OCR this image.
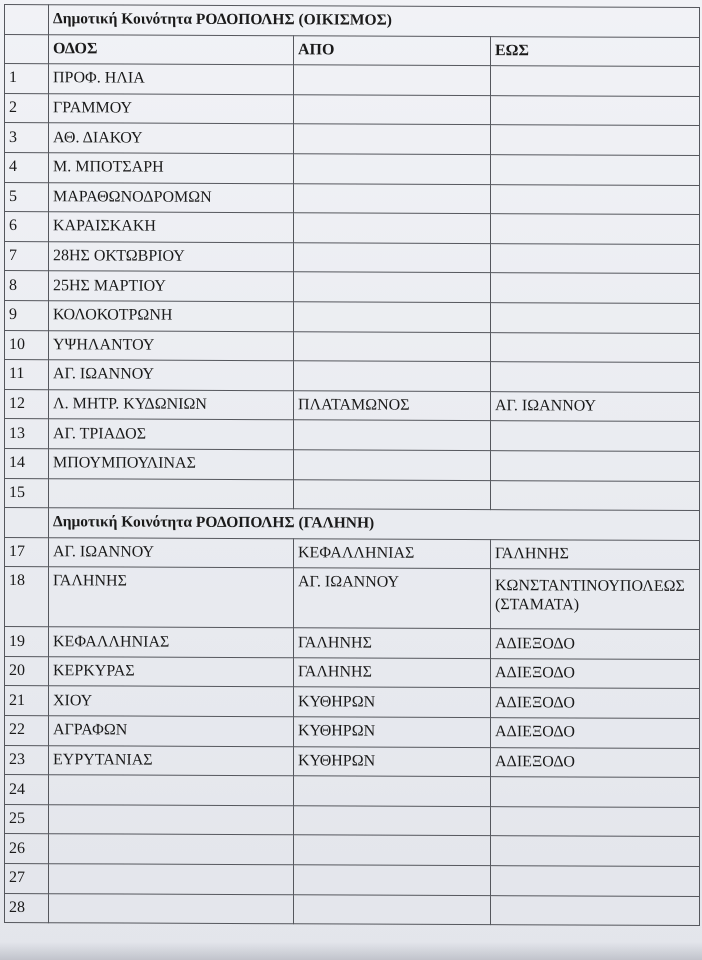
	Δημοτική Κοινότητα ΡΟΔΟΠΟΛΗΣ (ΟΙΚΙΣΜΟΣ)		
	ΟΔΟΣ	ΑΠΟ	ΕΩΣ
1	ΠΡΟΦ. ΗΛΙΑ		
2	ΓΡΑΜΜΟΥ		
3	ΑΘ. ΔΙΑΚΟΥ		
4	Μ. ΜΠΟΤΣΑΡΗ		
5	ΜΑΡΑΘΩΝΟΔΡΟΜΩΝ		
6	ΚΑΡΑΙΣΚΑΚΗ		
7	28ΗΣ ΟΚΤΩΒΡΙΟΥ		
8	25ΗΣ ΜΑΡΤΙΟΥ		
9	ΚΟΛΟΚΟΤΡΩΝΗ		
10	ΥΨΗΛΑΝΤΟΥ		
11	ΑΓ. ΙΩΑΝΝΟΥ		
12	Λ. ΜΗΤΡ. ΚΥΔΩΝΙΩΝ	ΠΛΑΤΑΜΩΝΟΣ	ΑΓ. ΙΩΑΝΝΟΥ
13	ΑΓ. ΤΡΙΑΔΟΣ		
14	ΜΠΟΥΜΠΟΥΛΙΝΑΣ		
15			
	Δημοτική Κοινότητα ΡΟΔΟΠΟΛΗΣ (ΓΑΛΗΝΗ)		
17	ΑΓ. ΙΩΑΝΝΟΥ	ΚΕΦΑΛΛΗΝΙΑΣ	ΓΑΛΗΝΗΣ
18	ΓΑΛΗΝΗΣ	ΑΓ. ΙΩΑΝΝΟΥ	ΚΩΝΣΤΑΝΤΙΝΟΥΠΟΛΕΩΣ (ΣΤΑΜΑΤΑ)
19	ΚΕΦΑΛΛΗΝΙΑΣ	ΓΑΛΗΝΗΣ	ΑΔΙΕΞΟΔΟ
20	ΚΕΡΚΥΡΑΣ	ΓΑΛΗΝΗΣ	ΑΔΙΕΞΟΔΟ
21	ΧΙΟΥ	ΚΥΘΗΡΩΝ	ΑΔΙΕΞΟΔΟ
22	ΑΓΡΑΦΩΝ	ΚΥΘΗΡΩΝ	ΑΔΙΕΞΟΔΟ
23	ΕΥΡΥΤΑΝΙΑΣ	ΚΥΘΗΡΩΝ	ΑΔΙΕΞΟΔΟ
24			
25			
26			
27			
28			
